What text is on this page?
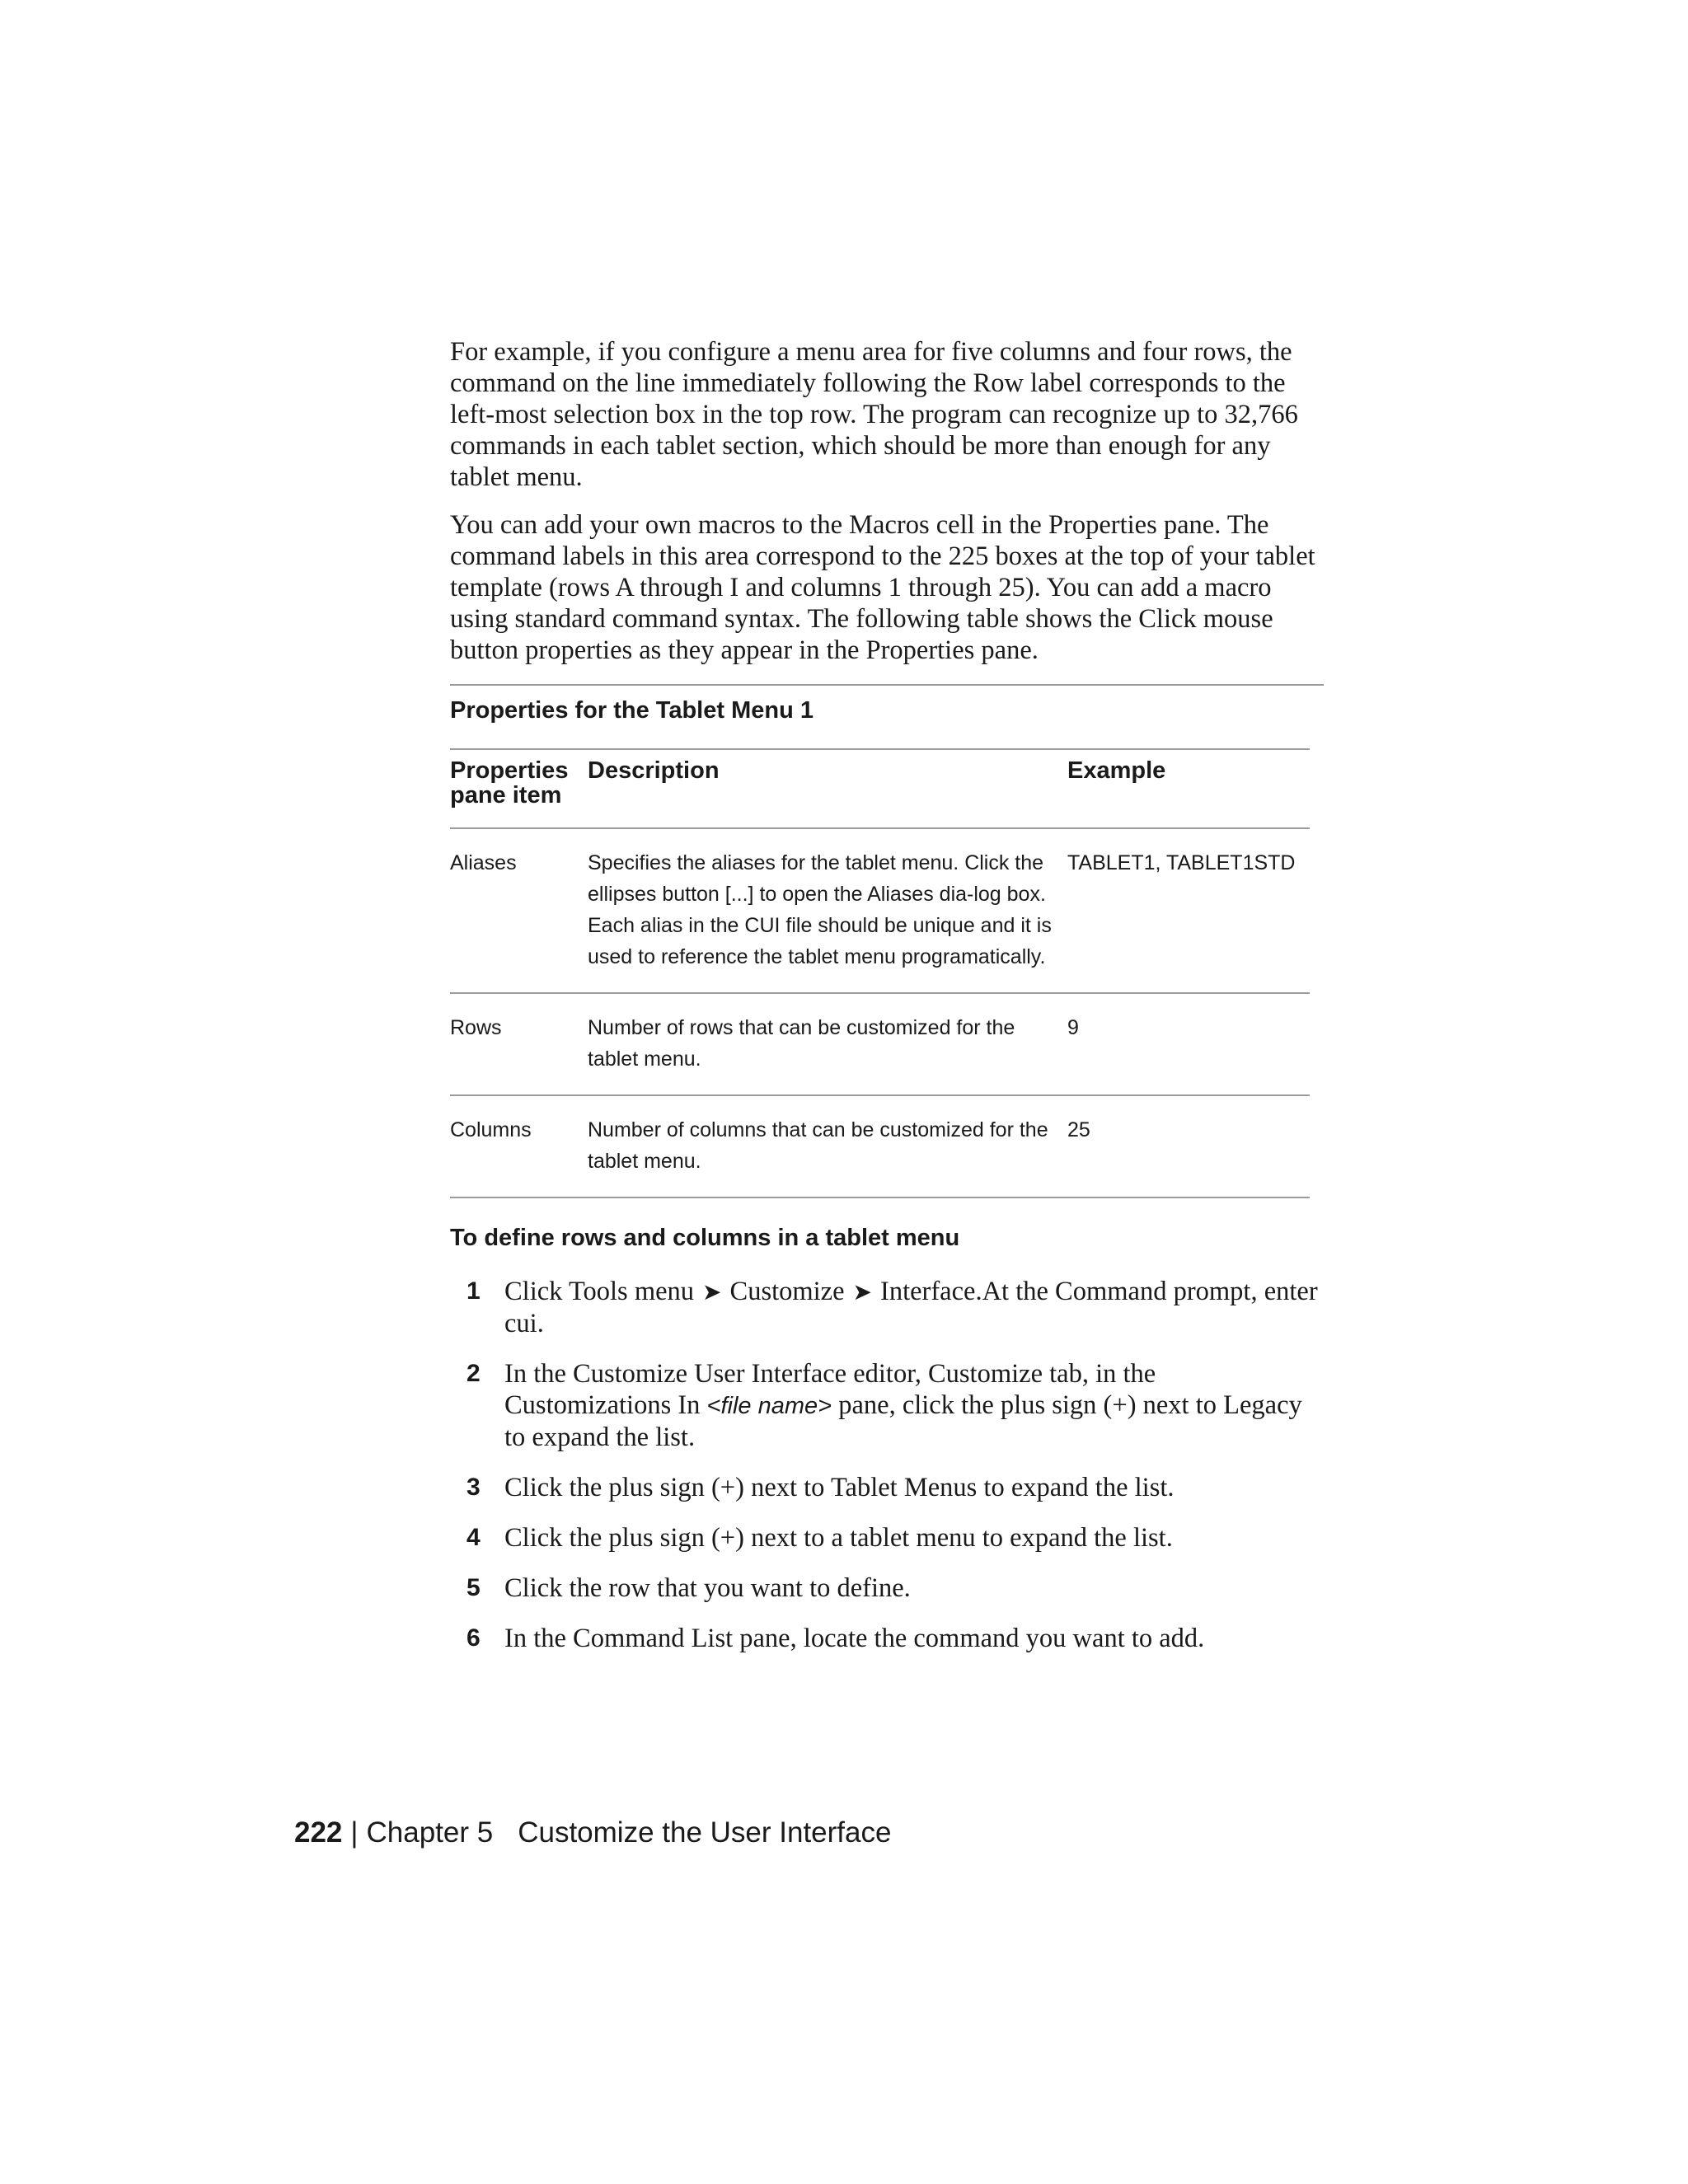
For example, if you configure a menu area for five columns and four rows, the command on the line immediately following the Row label corresponds to the left-most selection box in the top row. The program can recognize up to 32,766 commands in each tablet section, which should be more than enough for any tablet menu.

You can add your own macros to the Macros cell in the Properties pane. The command labels in this area correspond to the 225 boxes at the top of your tablet template (rows A through I and columns 1 through 25). You can add a macro using standard command syntax. The following table shows the Click mouse button properties as they appear in the Properties pane.

Properties for the Tablet Menu 1
Properties pane item	Description	Example
Aliases	Specifies the aliases for the tablet menu. Click the ellipses button [...] to open the Aliases dia-log box. Each alias in the CUI file should be unique and it is used to reference the tablet menu programatically.	TABLET1, TABLET1STD
Rows	Number of rows that can be customized for the tablet menu.	9
Columns	Number of columns that can be customized for the tablet menu.	25
To define rows and columns in a tablet menu
1 Click Tools menu ➤ Customize ➤ Interface.At the Command prompt, enter cui.
2 In the Customize User Interface editor, Customize tab, in the Customizations In <file name> pane, click the plus sign (+) next to Legacy to expand the list.
3 Click the plus sign (+) next to Tablet Menus to expand the list.
4 Click the plus sign (+) next to a tablet menu to expand the list.
5 Click the row that you want to define.
6 In the Command List pane, locate the command you want to add.
222 | Chapter 5 Customize the User Interface
